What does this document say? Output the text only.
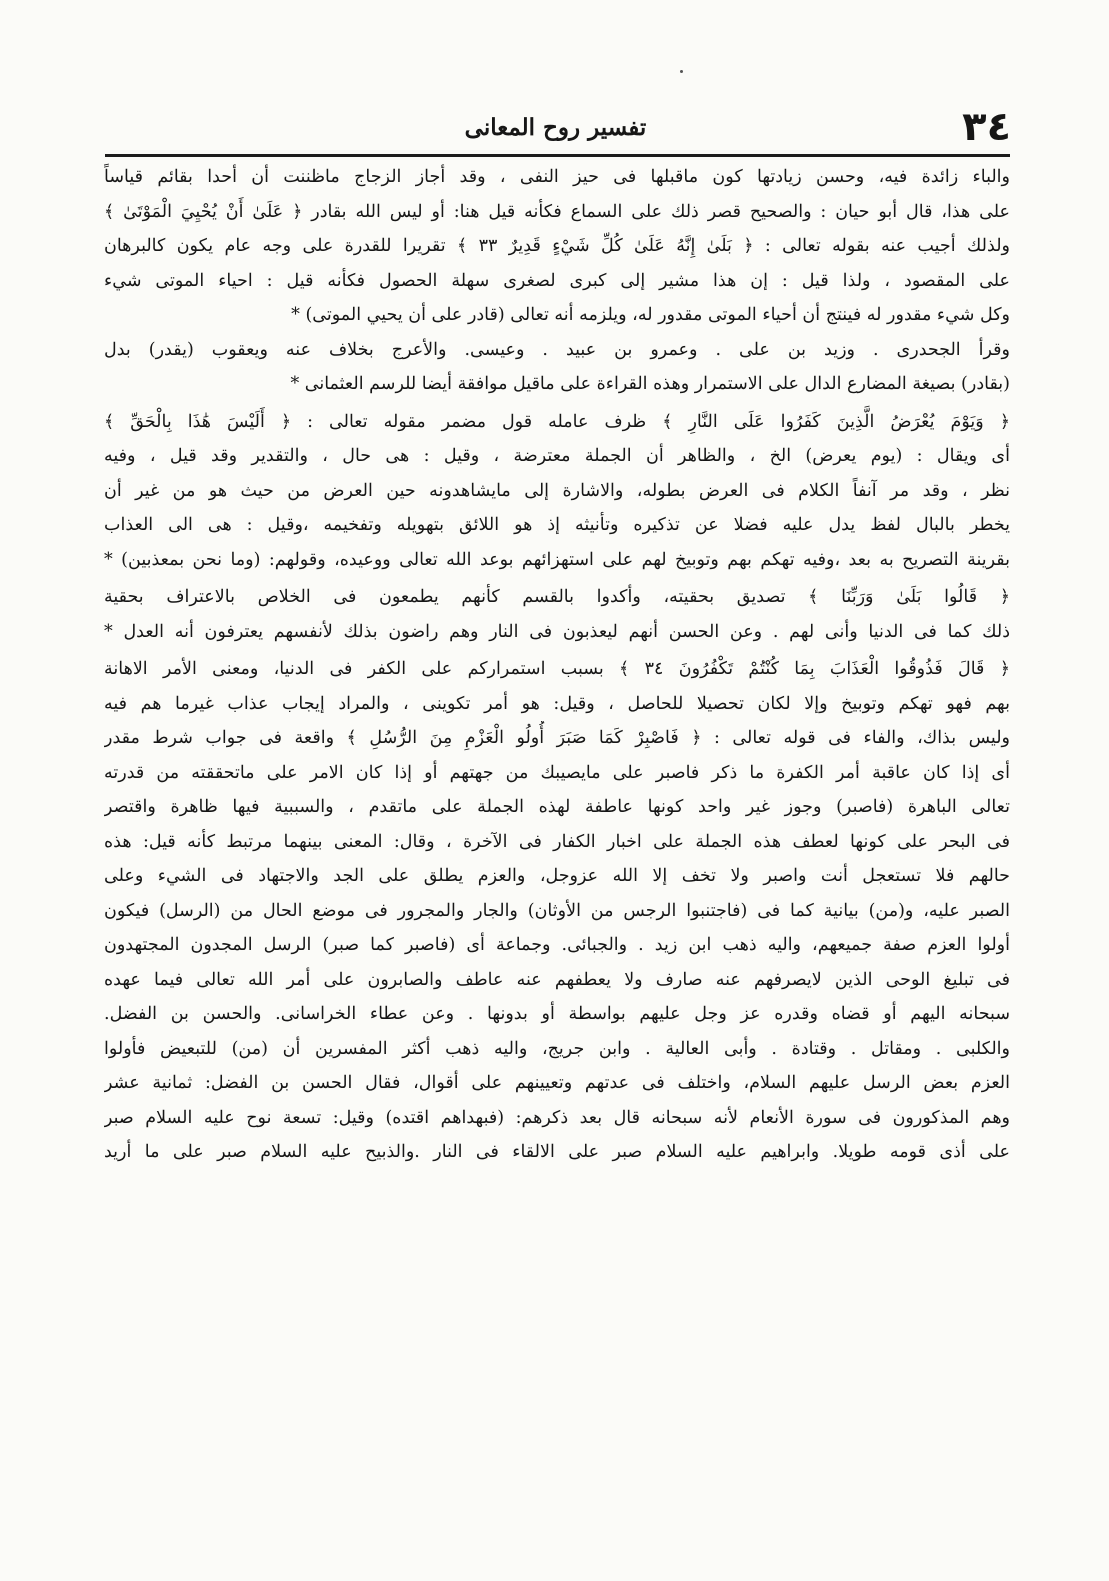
٣٤
تفسير روح المعانى
والباء زائدة فيه، وحسن زيادتها كون ماقبلها فى حيز النفى ، وقد أجاز الزجاج ماظننت أن أحدا بقائم قياساً
على هذا، قال أبو حيان : والصحيح قصر ذلك على السماع فكأنه قيل هنا: أو ليس الله بقادر ﴿ عَلَىٰ أَنْ يُحْيِيَ الْمَوْتَىٰ ﴾
ولذلك أجيب عنه بقوله تعالى : ﴿ بَلَىٰ إِنَّهُ عَلَىٰ كُلِّ شَيْءٍ قَدِيرٌ ٣٣ ﴾ تقريرا للقدرة على وجه عام يكون كالبرهان
على المقصود ، ولذا قيل : إن هذا مشير إلى كبرى لصغرى سهلة الحصول فكأنه قيل : احياء الموتى شيء
وكل شيء مقدور له فينتج أن أحياء الموتى مقدور له، ويلزمه أنه تعالى (قادر على أن يحيي الموتى) *
وقرأ الجحدرى . وزيد بن على . وعمرو بن عبيد . وعيسى. والأعرج بخلاف عنه ويعقوب (يقدر) بدل
(بقادر) بصيغة المضارع الدال على الاستمرار وهذه القراءة على ماقيل موافقة أيضا للرسم العثمانى *
﴿ وَيَوْمَ يُعْرَضُ الَّذِينَ كَفَرُوا عَلَى النَّارِ ﴾ ظرف عامله قول مضمر مقوله تعالى : ﴿ أَلَيْسَ هَٰذَا بِالْحَقِّ ﴾
أى ويقال : (يوم يعرض) الخ ، والظاهر أن الجملة معترضة ، وقيل : هى حال ، والتقدير وقد قيل ، وفيه
نظر ، وقد مر آنفاً الكلام فى العرض بطوله، والاشارة إلى مايشاهدونه حين العرض من حيث هو من غير أن
يخطر بالبال لفظ يدل عليه فضلا عن تذكيره وتأنيثه إذ هو اللائق بتهويله وتفخيمه ،وقيل : هى الى العذاب
بقرينة التصريح به بعد ،وفيه تهكم بهم وتوبيخ لهم على استهزائهم بوعد الله تعالى ووعيده، وقولهم: (وما نحن بمعذبين) *
﴿ قَالُوا بَلَىٰ وَرَبِّنَا ﴾ تصديق بحقيته، وأكدوا بالقسم كأنهم يطمعون فى الخلاص بالاعتراف بحقية
ذلك كما فى الدنيا وأنى لهم . وعن الحسن أنهم ليعذبون فى النار وهم راضون بذلك لأنفسهم يعترفون أنه العدل *
﴿ قَالَ فَذُوقُوا الْعَذَابَ بِمَا كُنْتُمْ تَكْفُرُونَ ٣٤ ﴾ بسبب استمراركم على الكفر فى الدنيا، ومعنى الأمر الاهانة
بهم فهو تهكم وتوبيخ وإلا لكان تحصيلا للحاصل ، وقيل: هو أمر تكوينى ، والمراد إيجاب عذاب غيرما هم فيه
وليس بذاك، والفاء فى قوله تعالى : ﴿ فَاصْبِرْ كَمَا صَبَرَ أُولُو الْعَزْمِ مِنَ الرُّسُلِ ﴾ واقعة فى جواب شرط مقدر
أى إذا كان عاقبة أمر الكفرة ما ذكر فاصبر على مايصيبك من جهتهم أو إذا كان الامر على ماتحققته من قدرته
تعالى الباهرة (فاصبر) وجوز غير واحد كونها عاطفة لهذه الجملة على ماتقدم ، والسببية فيها ظاهرة واقتصر
فى البحر على كونها لعطف هذه الجملة على اخبار الكفار فى الآخرة ، وقال: المعنى بينهما مرتبط كأنه قيل: هذه
حالهم فلا تستعجل أنت واصبر ولا تخف إلا الله عزوجل، والعزم يطلق على الجد والاجتهاد فى الشيء وعلى
الصبر عليه، و(من) بيانية كما فى (فاجتنبوا الرجس من الأوثان) والجار والمجرور فى موضع الحال من (الرسل) فيكون
أولوا العزم صفة جميعهم، واليه ذهب ابن زيد . والجبائى. وجماعة أى (فاصبر كما صبر) الرسل المجدون المجتهدون
فى تبليغ الوحى الذين لايصرفهم عنه صارف ولا يعطفهم عنه عاطف والصابرون على أمر الله تعالى فيما عهده
سبحانه اليهم أو قضاه وقدره عز وجل عليهم بواسطة أو بدونها . وعن عطاء الخراسانى. والحسن بن الفضل.
والكلبى . ومقاتل . وقتادة . وأبى العالية . وابن جريج، واليه ذهب أكثر المفسرين أن (من) للتبعيض فأولوا
العزم بعض الرسل عليهم السلام، واختلف فى عدتهم وتعيينهم على أقوال، فقال الحسن بن الفضل: ثمانية عشر
وهم المذكورون فى سورة الأنعام لأنه سبحانه قال بعد ذكرهم: (فبهداهم اقتده) وقيل: تسعة نوح عليه السلام صبر
على أذى قومه طويلا. وابراهيم عليه السلام صبر على الالقاء فى النار .والذبيح عليه السلام صبر على ما أريد
